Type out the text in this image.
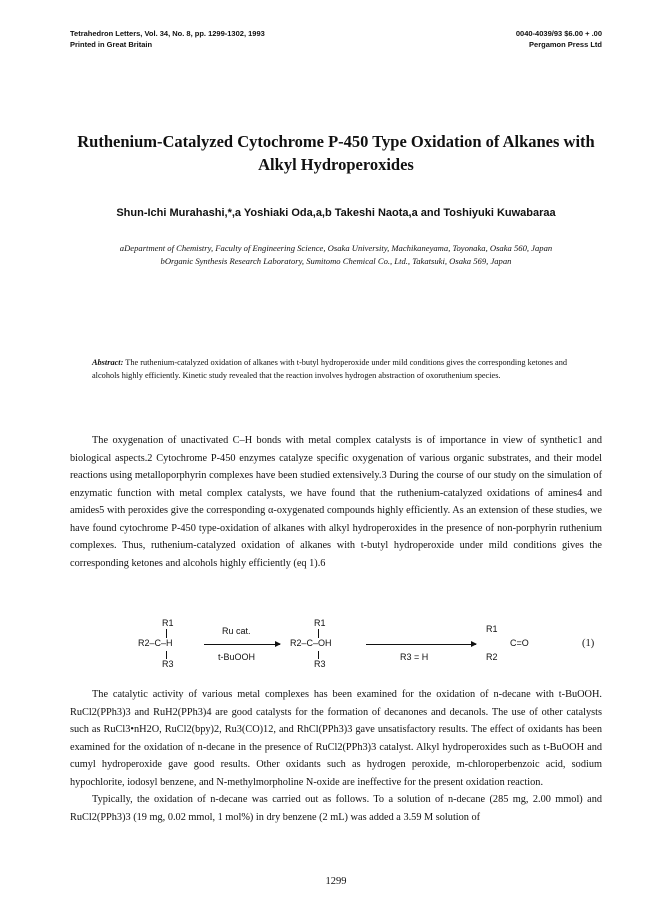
Tetrahedron Letters, Vol. 34, No. 8, pp. 1299-1302, 1993
Printed in Great Britain
0040-4039/93 $6.00 + .00
Pergamon Press Ltd
Ruthenium-Catalyzed Cytochrome P-450 Type Oxidation of Alkanes with
Alkyl Hydroperoxides
Shun-Ichi Murahashi,*,a Yoshiaki Oda,a,b Takeshi Naota,a and Toshiyuki Kuwabaraa
aDepartment of Chemistry, Faculty of Engineering Science, Osaka University, Machikaneyama, Toyonaka, Osaka 560, Japan
bOrganic Synthesis Research Laboratory, Sumitomo Chemical Co., Ltd., Takatsuki, Osaka 569, Japan
Abstract: The ruthenium-catalyzed oxidation of alkanes with t-butyl hydroperoxide under mild conditions gives the corresponding ketones and alcohols highly efficiently. Kinetic study revealed that the reaction involves hydrogen abstraction of oxoruthenium species.

The oxygenation of unactivated C–H bonds with metal complex catalysts is of importance in view of synthetic1 and biological aspects.2 Cytochrome P-450 enzymes catalyze specific oxygenation of various organic substrates, and their model reactions using metalloporphyrin complexes have been studied extensively.3 During the course of our study on the simulation of enzymatic function with metal complex catalysts, we have found that the ruthenium-catalyzed oxidations of amines4 and amides5 with peroxides give the corresponding α-oxygenated compounds highly efficiently. As an extension of these studies, we have found cytochrome P-450 type-oxidation of alkanes with alkyl hydroperoxides in the presence of non-porphyrin ruthenium complexes. Thus, ruthenium-catalyzed oxidation of alkanes with t-butyl hydroperoxide under mild conditions gives the corresponding ketones and alcohols highly efficiently (eq 1).6

R1
R2–C–H
R3
Ru cat.
t-BuOOH
R1
R2–C–OH
R3
R3 = H
R1
C=O
R2
(1)

The catalytic activity of various metal complexes has been examined for the oxidation of n-decane with t-BuOOH. RuCl2(PPh3)3 and RuH2(PPh3)4 are good catalysts for the formation of decanones and decanols. The use of other catalysts such as RuCl3•nH2O, RuCl2(bpy)2, Ru3(CO)12, and RhCl(PPh3)3 gave unsatisfactory results. The effect of oxidants has been examined for the oxidation of n-decane in the presence of RuCl2(PPh3)3 catalyst. Alkyl hydroperoxides such as t-BuOOH and cumyl hydroperoxide gave good results. Other oxidants such as hydrogen peroxide, m-chloroperbenzoic acid, sodium hypochlorite, iodosyl benzene, and N-methylmorpholine N-oxide are ineffective for the present oxidation reaction.

Typically, the oxidation of n-decane was carried out as follows. To a solution of n-decane (285 mg, 2.00 mmol) and RuCl2(PPh3)3 (19 mg, 0.02 mmol, 1 mol%) in dry benzene (2 mL) was added a 3.59 M solution of

1299
